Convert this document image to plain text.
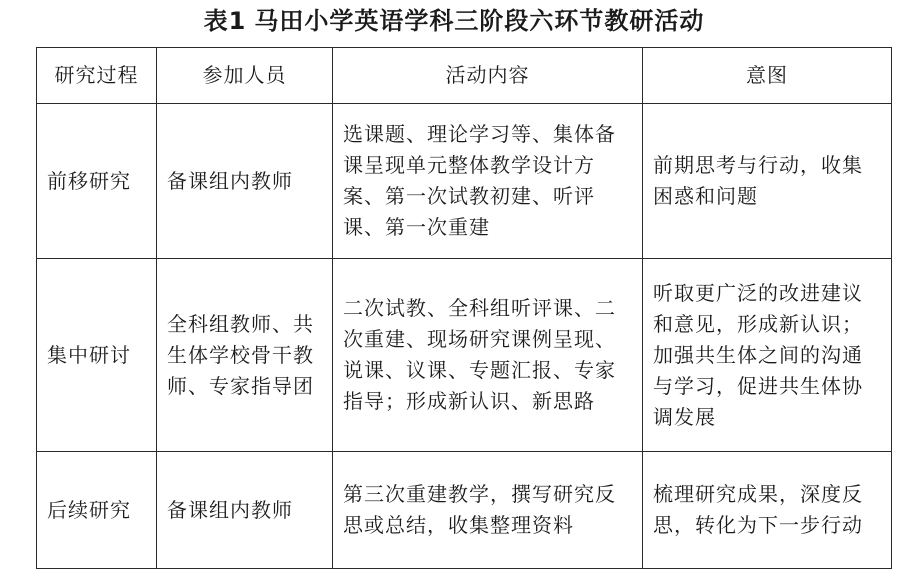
表1 马田小学英语学科三阶段六环节教研活动
研究过程	参加人员	活动内容	意图
前移研究	备课组内教师	选课题、理论学习等、集体备课呈现单元整体教学设计方案、第一次试教初建、听评课、第一次重建	前期思考与行动，收集困惑和问题
集中研讨	全科组教师、共生体学校骨干教师、专家指导团	二次试教、全科组听评课、二次重建、现场研究课例呈现、说课、议课、专题汇报、专家指导；形成新认识、新思路	听取更广泛的改进建议和意见，形成新认识；加强共生体之间的沟通与学习，促进共生体协调发展
后续研究	备课组内教师	第三次重建教学，撰写研究反思或总结，收集整理资料	梳理研究成果，深度反思，转化为下一步行动
